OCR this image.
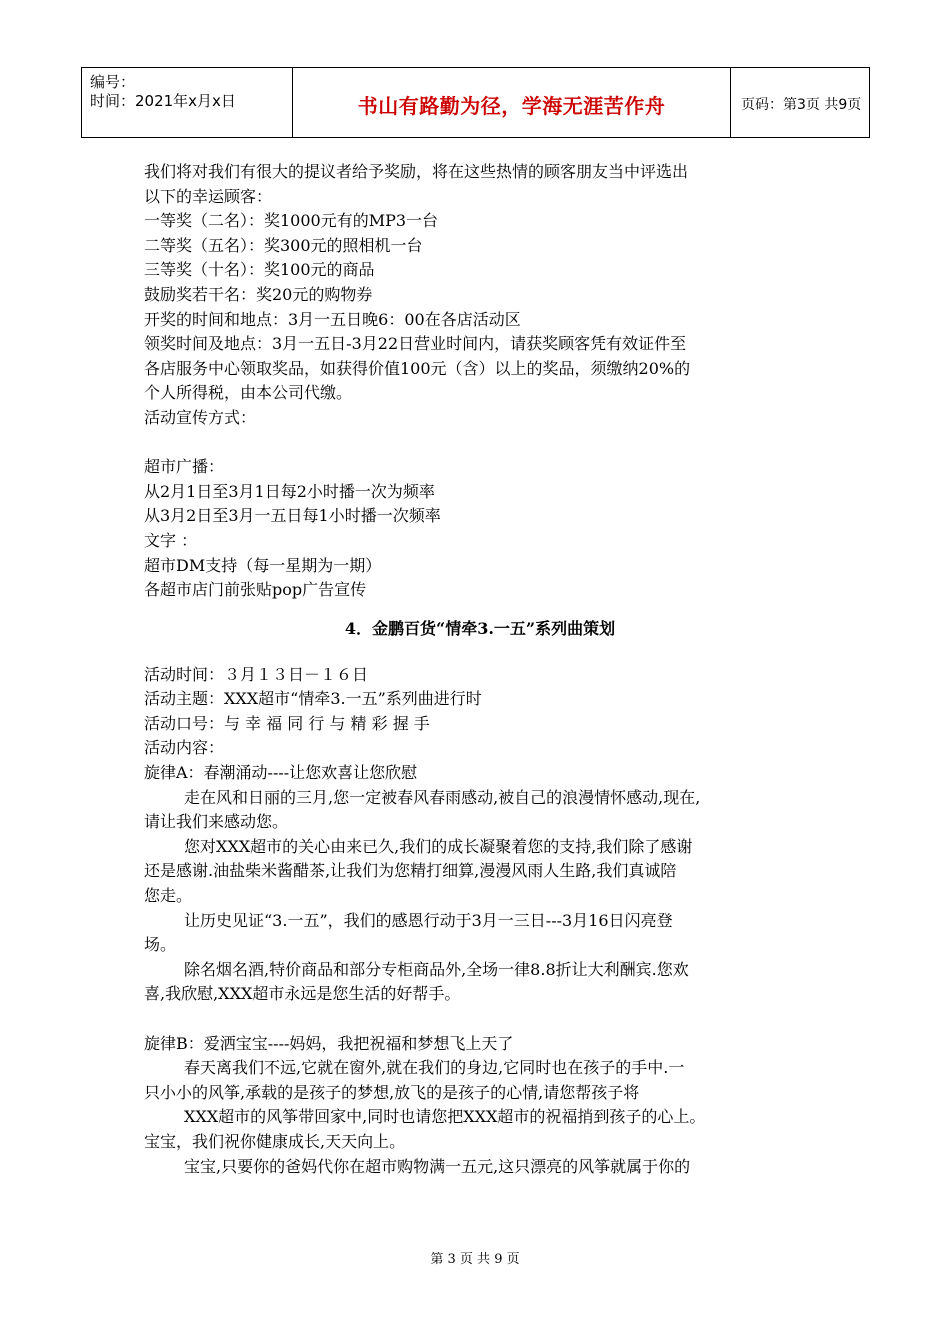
编号：
时间：2021年x月x日	书山有路勤为径，学海无涯苦作舟	页码：第3页 共9页
我们将对我们有很大的提议者给予奖励，将在这些热情的顾客朋友当中评选出
以下的幸运顾客：
一等奖（二名）：奖1000元有的MP3一台
二等奖（五名）：奖300元的照相机一台
三等奖（十名）：奖100元的商品
鼓励奖若干名：奖20元的购物券
开奖的时间和地点：3月一五日晚6：00在各店活动区
领奖时间及地点：3月一五日-3月22日营业时间内，请获奖顾客凭有效证件至
各店服务中心领取奖品，如获得价值100元（含）以上的奖品，须缴纳20%的
个人所得税，由本公司代缴。
活动宣传方式：
超市广播：
从2月1日至3月1日每2小时播一次为频率
从3月2日至3月一五日每1小时播一次频率
文字 ：
超市DM支持（每一星期为一期）
各超市店门前张贴pop广告宣传
4．金鹏百货“情牵3.一五”系列曲策划
活动时间：３月１３日－１６日
活动主题：XXX超市“情牵3.一五”系列曲进行时
活动口号：与 幸 福 同 行 与 精 彩 握 手
活动内容：
旋律A：春潮涌动----让您欢喜让您欣慰
走在风和日丽的三月,您一定被春风春雨感动,被自己的浪漫情怀感动,现在,
请让我们来感动您。
您对XXX超市的关心由来已久,我们的成长凝聚着您的支持,我们除了感谢
还是感谢.油盐柴米酱醋茶,让我们为您精打细算,漫漫风雨人生路,我们真诚陪
您走。
让历史见证“3.一五”，我们的感恩行动于3月一三日---3月16日闪亮登
场。
除名烟名酒,特价商品和部分专柜商品外,全场一律8.8折让大利酬宾.您欢
喜,我欣慰,XXX超市永远是您生活的好帮手。
旋律B：爱洒宝宝----妈妈，我把祝福和梦想飞上天了
春天离我们不远,它就在窗外,就在我们的身边,它同时也在孩子的手中.一
只小小的风筝,承载的是孩子的梦想,放飞的是孩子的心情,请您帮孩子将
XXX超市的风筝带回家中,同时也请您把XXX超市的祝福捎到孩子的心上。
宝宝，我们祝你健康成长,天天向上。
宝宝,只要你的爸妈代你在超市购物满一五元,这只漂亮的风筝就属于你的
第 3 页 共 9 页
